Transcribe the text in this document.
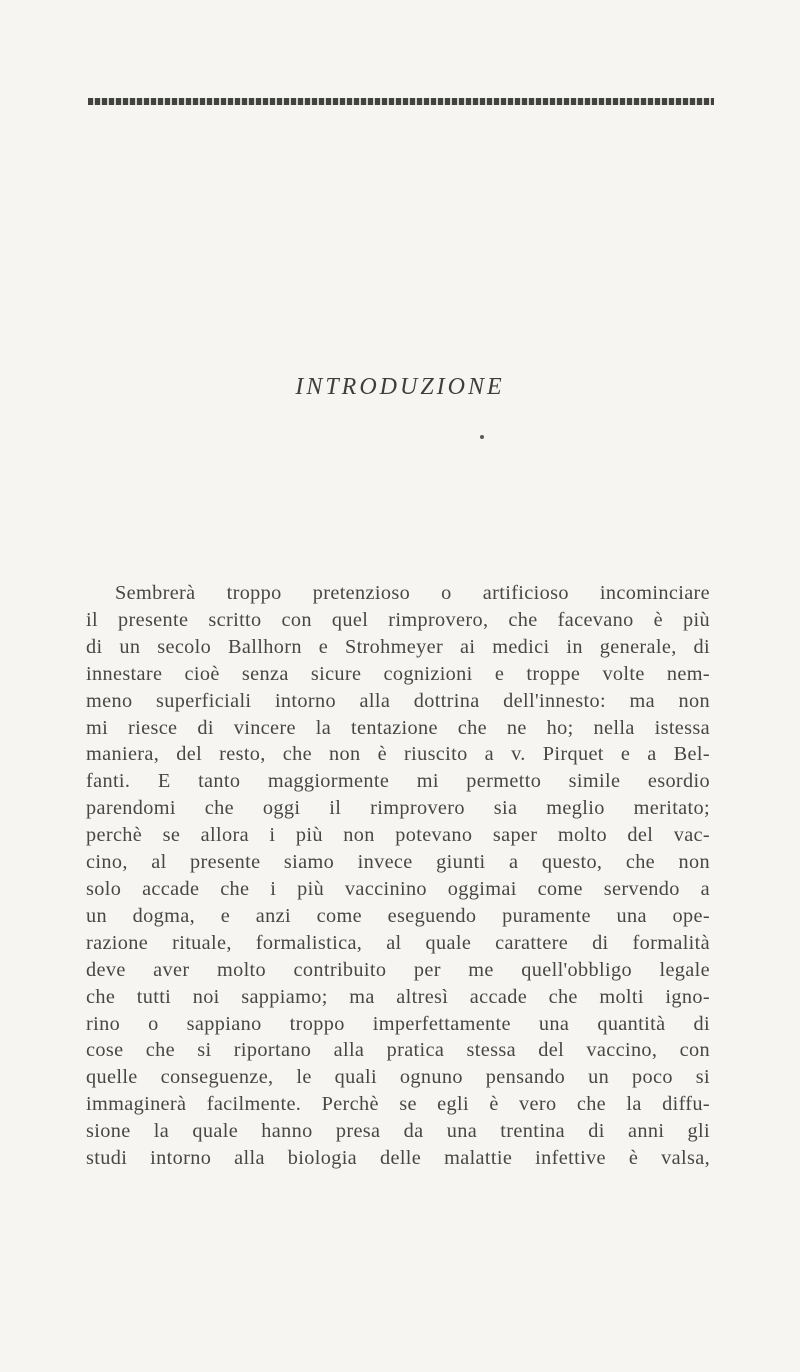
INTRODUZIONE
Sembrerà troppo pretenzioso o artificioso incominciare
il presente scritto con quel rimprovero, che facevano è più
di un secolo Ballhorn e Strohmeyer ai medici in generale, di
innestare cioè senza sicure cognizioni e troppe volte nem-
meno superficiali intorno alla dottrina dell'innesto: ma non
mi riesce di vincere la tentazione che ne ho; nella istessa
maniera, del resto, che non è riuscito a v. Pirquet e a Bel-
fanti. E tanto maggiormente mi permetto simile esordio
parendomi che oggi il rimprovero sia meglio meritato;
perchè se allora i più non potevano saper molto del vac-
cino, al presente siamo invece giunti a questo, che non
solo accade che i più vaccinino oggimai come servendo a
un dogma, e anzi come eseguendo puramente una ope-
razione rituale, formalistica, al quale carattere di formalità
deve aver molto contribuito per me quell'obbligo legale
che tutti noi sappiamo; ma altresì accade che molti igno-
rino o sappiano troppo imperfettamente una quantità di
cose che si riportano alla pratica stessa del vaccino, con
quelle conseguenze, le quali ognuno pensando un poco si
immaginerà facilmente. Perchè se egli è vero che la diffu-
sione la quale hanno presa da una trentina di anni gli
studi intorno alla biologia delle malattie infettive è valsa,
